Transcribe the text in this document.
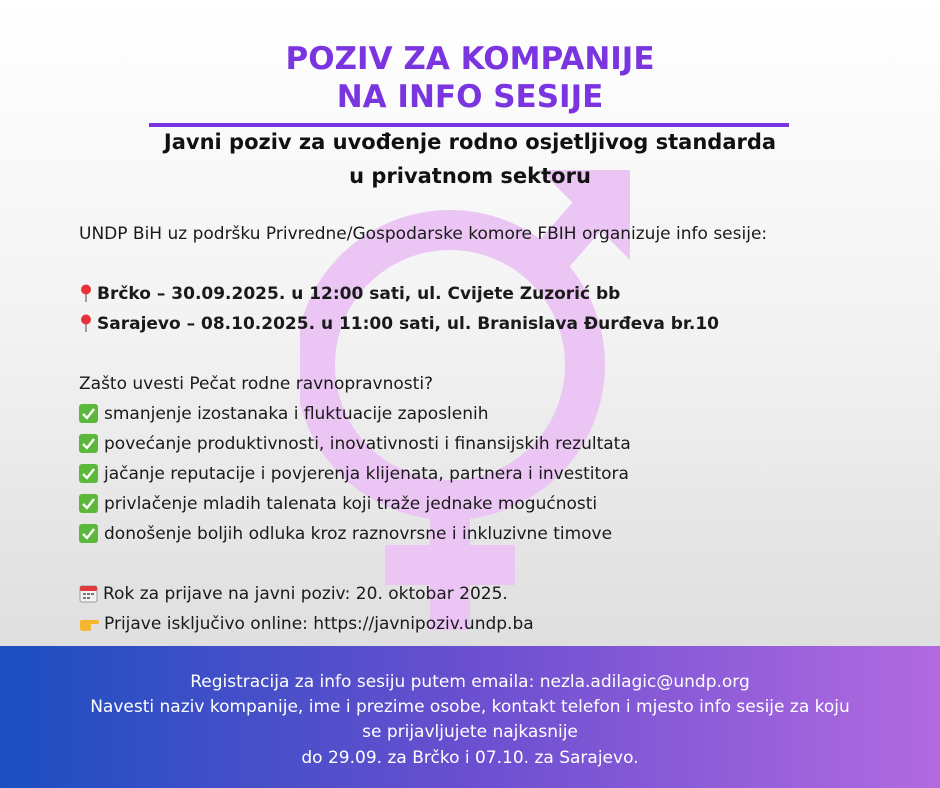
POZIV ZA KOMPANIJE
NA INFO SESIJE
Javni poziv za uvođenje rodno osjetljivog standarda
u privatnom sektoru
UNDP BiH uz podršku Privredne/Gospodarske komore FBIH organizuje info sesije:
Brčko – 30.09.2025. u 12:00 sati, ul. Cvijete Zuzorić bb
Sarajevo – 08.10.2025. u 11:00 sati, ul. Branislava Đurđeva br.10
Zašto uvesti Pečat rodne ravnopravnosti?
smanjenje izostanaka i fluktuacije zaposlenih
povećanje produktivnosti, inovativnosti i finansijskih rezultata
jačanje reputacije i povjerenja klijenata, partnera i investitora
privlačenje mladih talenata koji traže jednake mogućnosti
donošenje boljih odluka kroz raznovrsne i inkluzivne timove
Rok za prijave na javni poziv: 20. oktobar 2025.
Prijave isključivo online: https://javnipoziv.undp.ba
Registracija za info sesiju putem emaila: nezla.adilagic@undp.org
Navesti naziv kompanije, ime i prezime osobe, kontakt telefon i mjesto info sesije za koju
se prijavljujete najkasnije
do 29.09. za Brčko i 07.10. za Sarajevo.
